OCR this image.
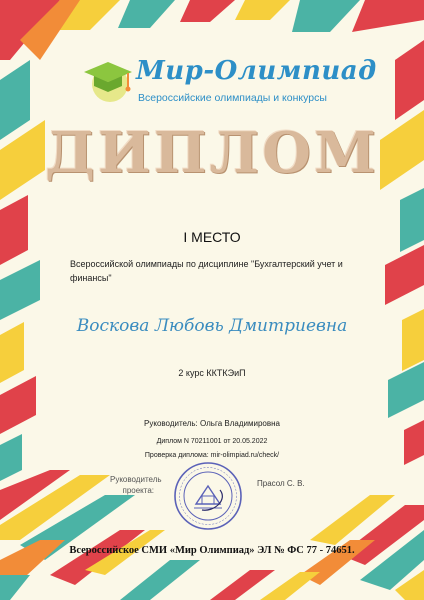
Мир-Олимпиад
Всероссийские олимпиады и конкурсы
ДИПЛОМ
I МЕСТО
Всероссийской олимпиады по дисциплине "Бухгалтерский учет и финансы"
Воскова Любовь Дмитриевна
2 курс ККТКЭиП
Руководитель: Ольга Владимировна
Диплом N 70211001 от 20.05.2022
Проверка диплома: mir-olimpiad.ru/check/
Руководитель проекта:
Прасол С. В.
Всероссийское СМИ «Мир Олимпиад» ЭЛ № ФС 77 - 74651.
